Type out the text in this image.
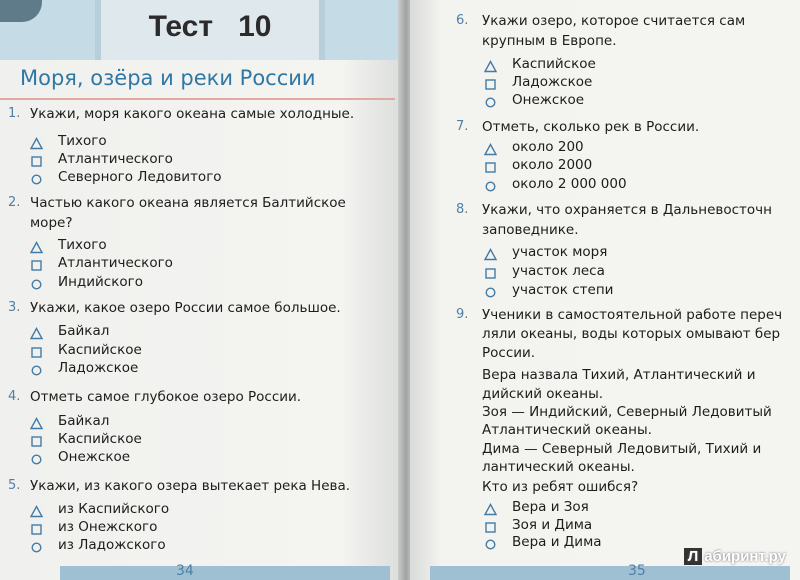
Тест   10
Моря, озёра и реки России
34
1. Укажи, моря какого океана самые холодные.
Тихого
Атлантического
Северного Ледовитого
2. Частью какого океана является Балтийское
море?
Тихого
Атлантического
Индийского
3. Укажи, какое озеро России самое большое.
Байкал
Каспийское
Ладожское
4. Отметь самое глубокое озеро России.
Байкал
Каспийское
Онежское
5. Укажи, из какого озера вытекает река Нева.
из Каспийского
из Онежского
из Ладожского
35
6. Укажи озеро, которое считается сам
крупным в Европе.
Каспийское
Ладожское
Онежское
7. Отметь, сколько рек в России.
около 200
около 2000
около 2 000 000
8. Укажи, что охраняется в Дальневосточн
заповеднике.
участок моря
участок леса
участок степи
9. Ученики в самостоятельной работе переч
ляли океаны, воды которых омывают бер
России.
Вера назвала Тихий, Атлантический и
дийский океаны.
Зоя — Индийский, Северный Ледовитый
Атлантический океаны.
Дима — Северный Ледовитый, Тихий и
лантический океаны.
Кто из ребят ошибся?
Вера и Зоя
Зоя и Дима
Вера и Дима
Л абиринт.ру
